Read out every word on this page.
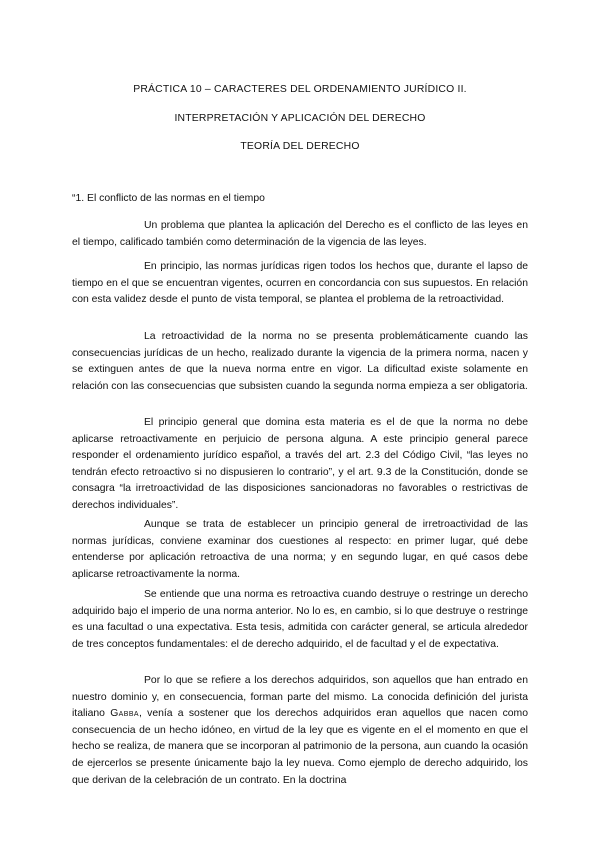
PRÁCTICA 10 – CARACTERES DEL ORDENAMIENTO JURÍDICO II.

INTERPRETACIÓN Y APLICACIÓN DEL DERECHO

TEORÍA DEL DERECHO

“1. El conflicto de las normas en el tiempo

Un problema que plantea la aplicación del Derecho es el conflicto de las leyes en el tiempo, calificado también como determinación de la vigencia de las leyes.

En principio, las normas jurídicas rigen todos los hechos que, durante el lapso de tiempo en el que se encuentran vigentes, ocurren en concordancia con sus supuestos. En relación con esta validez desde el punto de vista temporal, se plantea el problema de la retroactividad.

La retroactividad de la norma no se presenta problemáticamente cuando las consecuencias jurídicas de un hecho, realizado durante la vigencia de la primera norma, nacen y se extinguen antes de que la nueva norma entre en vigor. La dificultad existe solamente en relación con las consecuencias que subsisten cuando la segunda norma empieza a ser obligatoria.

El principio general que domina esta materia es el de que la norma no debe aplicarse retroactivamente en perjuicio de persona alguna. A este principio general parece responder el ordenamiento jurídico español, a través del art. 2.3 del Código Civil, “las leyes no tendrán efecto retroactivo si no dispusieren lo contrario”, y el art. 9.3 de la Constitución, donde se consagra “la irretroactividad de las disposiciones sancionadoras no favorables o restrictivas de derechos individuales”.

Aunque se trata de establecer un principio general de irretroactividad de las normas jurídicas, conviene examinar dos cuestiones al respecto: en primer lugar, qué debe entenderse por aplicación retroactiva de una norma; y en segundo lugar, en qué casos debe aplicarse retroactivamente la norma.

Se entiende que una norma es retroactiva cuando destruye o restringe un derecho adquirido bajo el imperio de una norma anterior. No lo es, en cambio, si lo que destruye o restringe es una facultad o una expectativa. Esta tesis, admitida con carácter general, se articula alrededor de tres conceptos fundamentales: el de derecho adquirido, el de facultad y el de expectativa.

Por lo que se refiere a los derechos adquiridos, son aquellos que han entrado en nuestro dominio y, en consecuencia, forman parte del mismo. La conocida definición del jurista italiano Gabba, venía a sostener que los derechos adquiridos eran aquellos que nacen como consecuencia de un hecho idóneo, en virtud de la ley que es vigente en el el momento en que el hecho se realiza, de manera que se incorporan al patrimonio de la persona, aun cuando la ocasión de ejercerlos se presente únicamente bajo la ley nueva. Como ejemplo de derecho adquirido, los que derivan de la celebración de un contrato. En la doctrina
